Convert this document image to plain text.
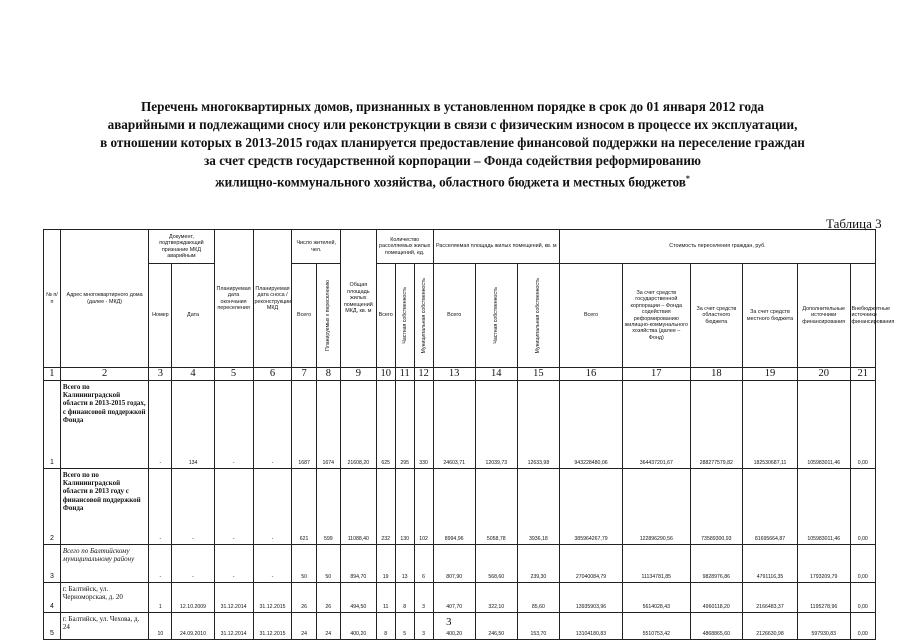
Перечень многоквартирных домов, признанных в установленном порядке в срок до 01 января 2012 года
аварийными и подлежащими сносу или реконструкции в связи с физическим износом в процессе их эксплуатации,
в отношении которых в 2013-2015 годах планируется предоставление финансовой поддержки на переселение граждан
за счет средств государственной корпорации – Фонда содействия реформированию
жилищно-коммунального хозяйства, областного бюджета и местных бюджетов*
Таблица 3
№ п/п	Адрес многоквартирного дома (далее - МКД)	Документ, подтверждающий признание МКД аварийным		Планируемая дата окончания переселения	Планируемая дата сноса / реконструкции МКД	Число жителей, чел.		Общая площадь жилых помещений МКД, кв. м	Количество расселяемых жилых помещений, ед.			Расселяемая площадь жилых помещений, кв. м			Стоимость переселения граждан, руб.					
		Номер	Дата			Всего	Планируемых к переселению		Всего	Частная собственность	Муниципальная собственность	Всего	Частная собственность	Муниципальная собственность	Всего	За счет средств государственной корпорации – Фонда содействия реформированию жилищно-коммунального хозяйства (далее – Фонд)	За счет средств областного бюджета	За счет средств местного бюджета	Дополнительные источники финансирования	Внебюджетные источники финансирования
1	2	3	4	5	6	7	8	9	10	11	12	13	14	15	16	17	18	19	20	21
1	Всего по Калининградской области в 2013-2015 годах, с финансовой поддержкой Фонда	-	134	-	-	1687	1674	21608,20	625	295	330	24603,71	12039,73	12633,98	943228480,06	364437201,67	288277579,82	182530687,11	105983011,46	0,00
2	Всего по по Калининградской области в 2013 году с финансовой поддержкой Фонда	-	-	-	-	621	599	11088,40	232	130	102	8994,96	5058,78	3936,18	385964267,79	122896290,56	73589300,93	81695664,87	105983011,46	0,00
3	Всего по Балтийскому муниципальному району	-	-	-	-	50	50	894,70	19	13	6	807,90	568,60	239,30	27040084,79	11134781,85	9828976,86	4791116,35	1793209,79	0,00
4	г. Балтийск, ул. Черноморская, д. 20	1	12.10.2009	31.12.2014	31.12.2015	26	26	494,50	11	8	3	407,70	322,10	85,60	13935903,96	5614028,43	4960118,20	2166483,37	1195278,96	0,00
5	г. Балтийск, ул. Чехова, д. 24	10	24.09.2010	31.12.2014	31.12.2015	24	24	400,20	8	5	3	400,20	246,50	153,70	13104180,83	5510753,42	4868865,60	2126630,98	597930,83	0,00
3
